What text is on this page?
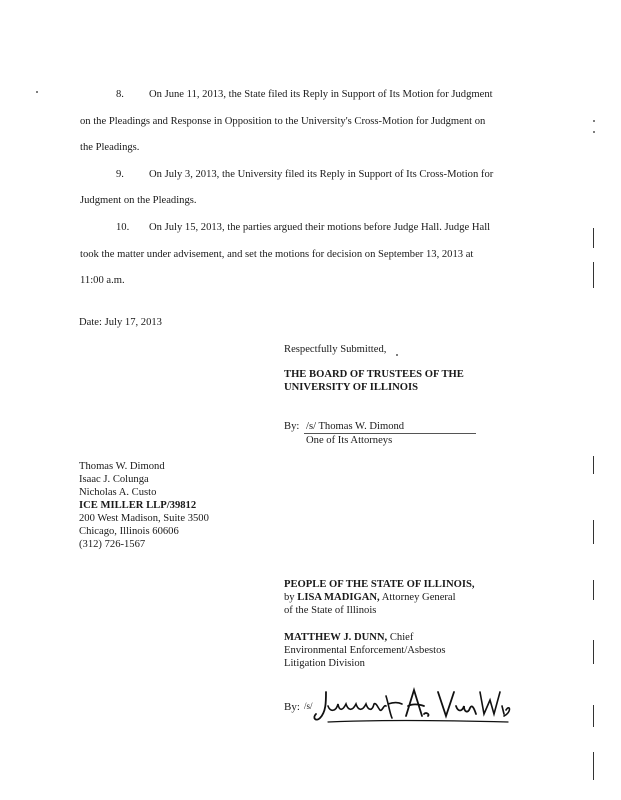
8. On June 11, 2013, the State filed its Reply in Support of Its Motion for Judgment
on the Pleadings and Response in Opposition to the University's Cross-Motion for Judgment on
the Pleadings.
9. On July 3, 2013, the University filed its Reply in Support of Its Cross-Motion for
Judgment on the Pleadings.
10. On July 15, 2013, the parties argued their motions before Judge Hall. Judge Hall
took the matter under advisement, and set the motions for decision on September 13, 2013 at
11:00 a.m.
Date: July 17, 2013
Respectfully Submitted,
THE BOARD OF TRUSTEES OF THE
UNIVERSITY OF ILLINOIS
By: /s/ Thomas W. Dimond
One of Its Attorneys
Thomas W. Dimond
Isaac J. Colunga
Nicholas A. Custo
ICE MILLER LLP/39812
200 West Madison, Suite 3500
Chicago, Illinois 60606
(312) 726-1567
PEOPLE OF THE STATE OF ILLINOIS,
by LISA MADIGAN, Attorney General
of the State of Illinois
MATTHEW J. DUNN, Chief
Environmental Enforcement/Asbestos
Litigation Division
By: /s/
